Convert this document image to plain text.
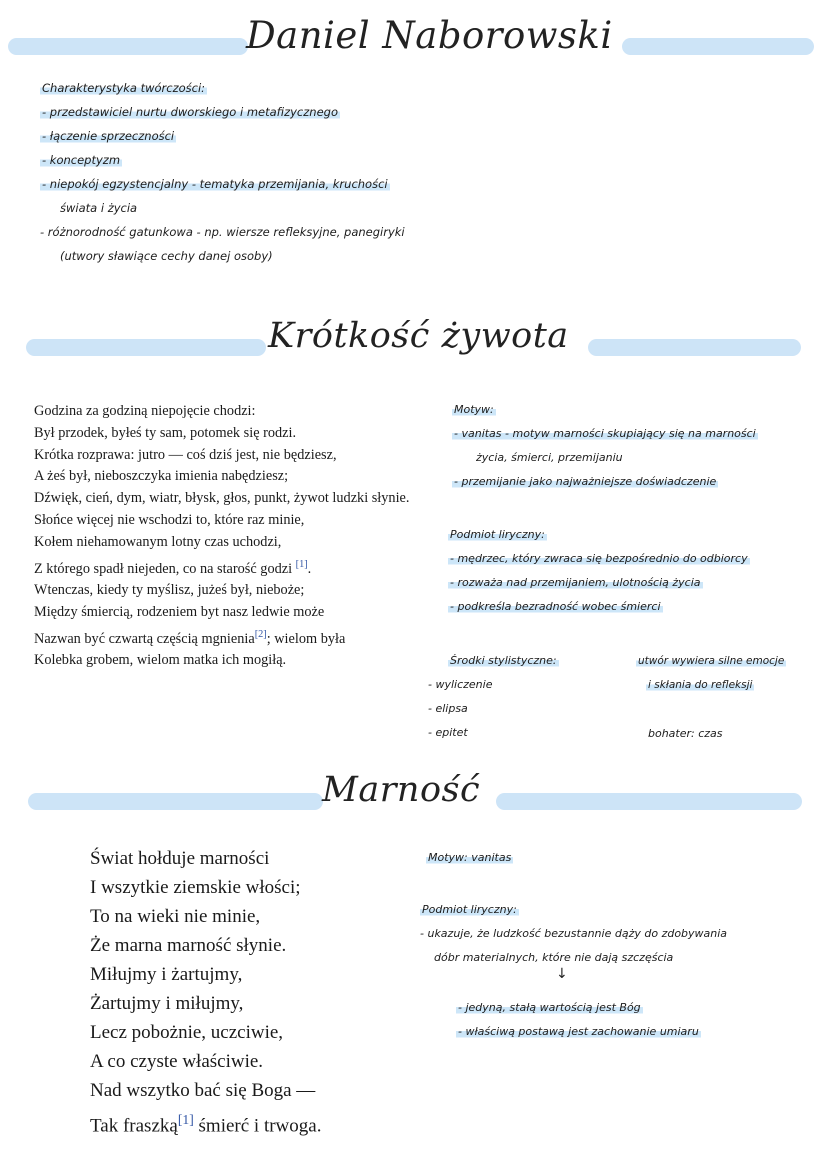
Daniel Naborowski
Charakterystyka twórczości:
- przedstawiciel nurtu dworskiego i metafizycznego
- łączenie sprzeczności
- konceptyzm
- niepokój egzystencjalny - tematyka przemijania, kruchości
świata i życia
- różnorodność gatunkowa - np. wiersze refleksyjne, panegiryki
(utwory sławiące cechy danej osoby)
Krótkość żywota
Godzina za godziną niepojęcie chodzi:
Był przodek, byłeś ty sam, potomek się rodzi.
Krótka rozprawa: jutro — coś dziś jest, nie będziesz,
A żeś był, nieboszczyka imienia nabędziesz;
Dźwięk, cień, dym, wiatr, błysk, głos, punkt, żywot ludzki słynie.
Słońce więcej nie wschodzi to, które raz minie,
Kołem niehamowanym lotny czas uchodzi,
Z którego spadł niejeden, co na starość godzi [1].
Wtenczas, kiedy ty myślisz, jużeś był, nieboże;
Między śmiercią, rodzeniem byt nasz ledwie może
Nazwan być czwartą częścią mgnienia[2]; wielom była
Kolebka grobem, wielom matka ich mogiłą.
Motyw:
- vanitas - motyw marności skupiający się na marności
życia, śmierci, przemijaniu
- przemijanie jako najważniejsze doświadczenie
Podmiot liryczny:
- mędrzec, który zwraca się bezpośrednio do odbiorcy
- rozważa nad przemijaniem, ulotnością życia
- podkreśla bezradność wobec śmierci
Środki stylistyczne:
- wyliczenie
- elipsa
- epitet
utwór wywiera silne emocje
i skłania do refleksji
bohater: czas
Marność
Świat hołduje marności
I wszytkie ziemskie włości;
To na wieki nie minie,
Że marna marność słynie.
Miłujmy i żartujmy,
Żartujmy i miłujmy,
Lecz pobożnie, uczciwie,
A co czyste właściwie.
Nad wszytko bać się Boga —
Tak fraszką[1] śmierć i trwoga.
Motyw: vanitas
Podmiot liryczny:
- ukazuje, że ludzkość bezustannie dąży do zdobywania
dóbr materialnych, które nie dają szczęścia
↓
- jedyną, stałą wartością jest Bóg
- właściwą postawą jest zachowanie umiaru
